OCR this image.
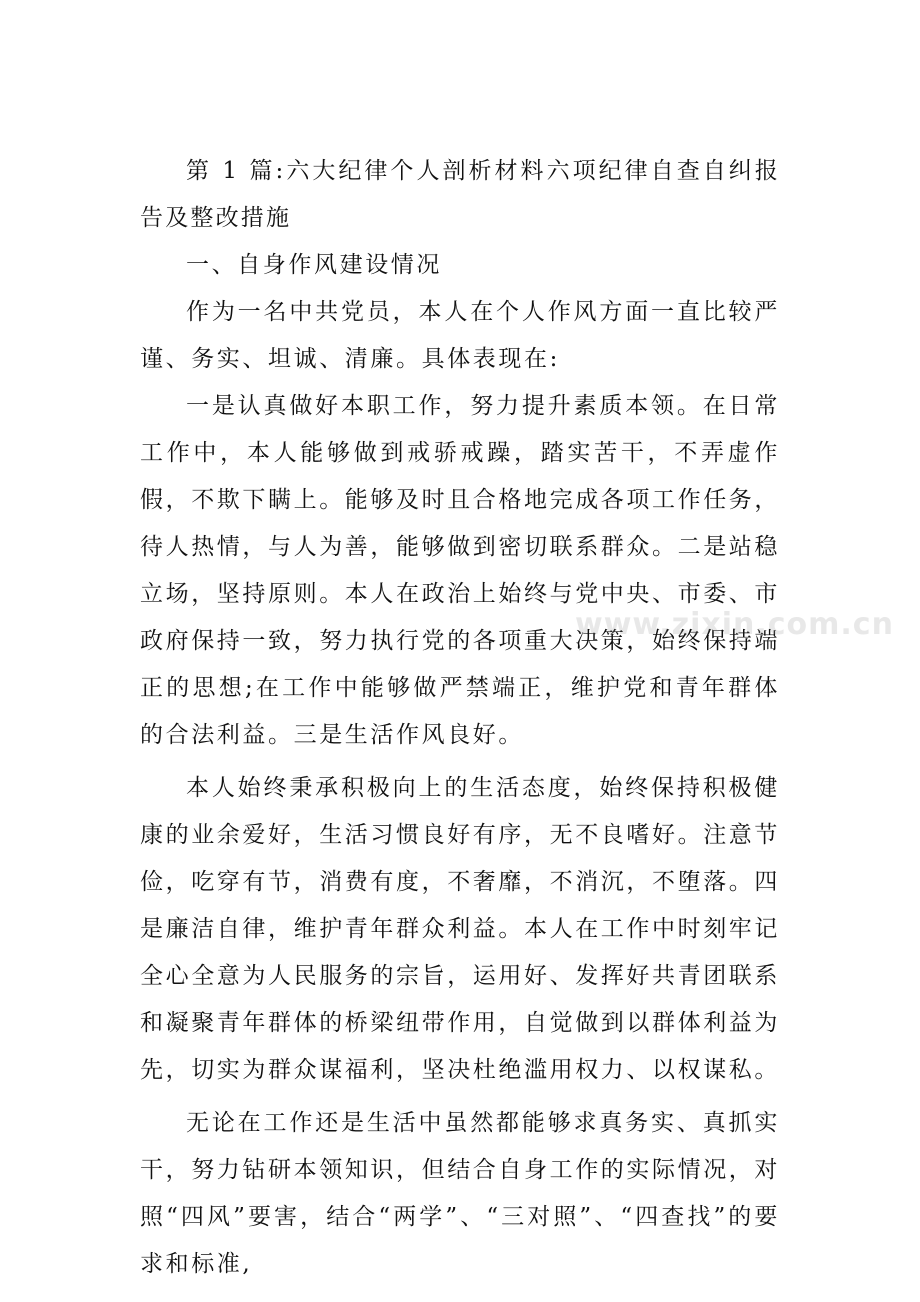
第 1 篇:六大纪律个人剖析材料六项纪律自查自纠报告及整改措施

一、自身作风建设情况

作为一名中共党员，本人在个人作风方面一直比较严谨、务实、坦诚、清廉。具体表现在:

一是认真做好本职工作，努力提升素质本领。在日常工作中，本人能够做到戒骄戒躁，踏实苦干，不弄虚作假，不欺下瞒上。能够及时且合格地完成各项工作任务，待人热情，与人为善，能够做到密切联系群众。二是站稳立场，坚持原则。本人在政治上始终与党中央、市委、市政府保持一致，努力执行党的各项重大决策，始终保持端正的思想;在工作中能够做严禁端正，维护党和青年群体的合法利益。三是生活作风良好。

本人始终秉承积极向上的生活态度，始终保持积极健康的业余爱好，生活习惯良好有序，无不良嗜好。注意节俭，吃穿有节，消费有度，不奢靡，不消沉，不堕落。四是廉洁自律，维护青年群众利益。本人在工作中时刻牢记全心全意为人民服务的宗旨，运用好、发挥好共青团联系和凝聚青年群体的桥梁纽带作用，自觉做到以群体利益为先，切实为群众谋福利，坚决杜绝滥用权力、以权谋私。

无论在工作还是生活中虽然都能够求真务实、真抓实干，努力钻研本领知识，但结合自身工作的实际情况，对照“四风”要害，结合“两学”、“三对照”、“四查找”的要求和标准,

www.zixin.com.cn
